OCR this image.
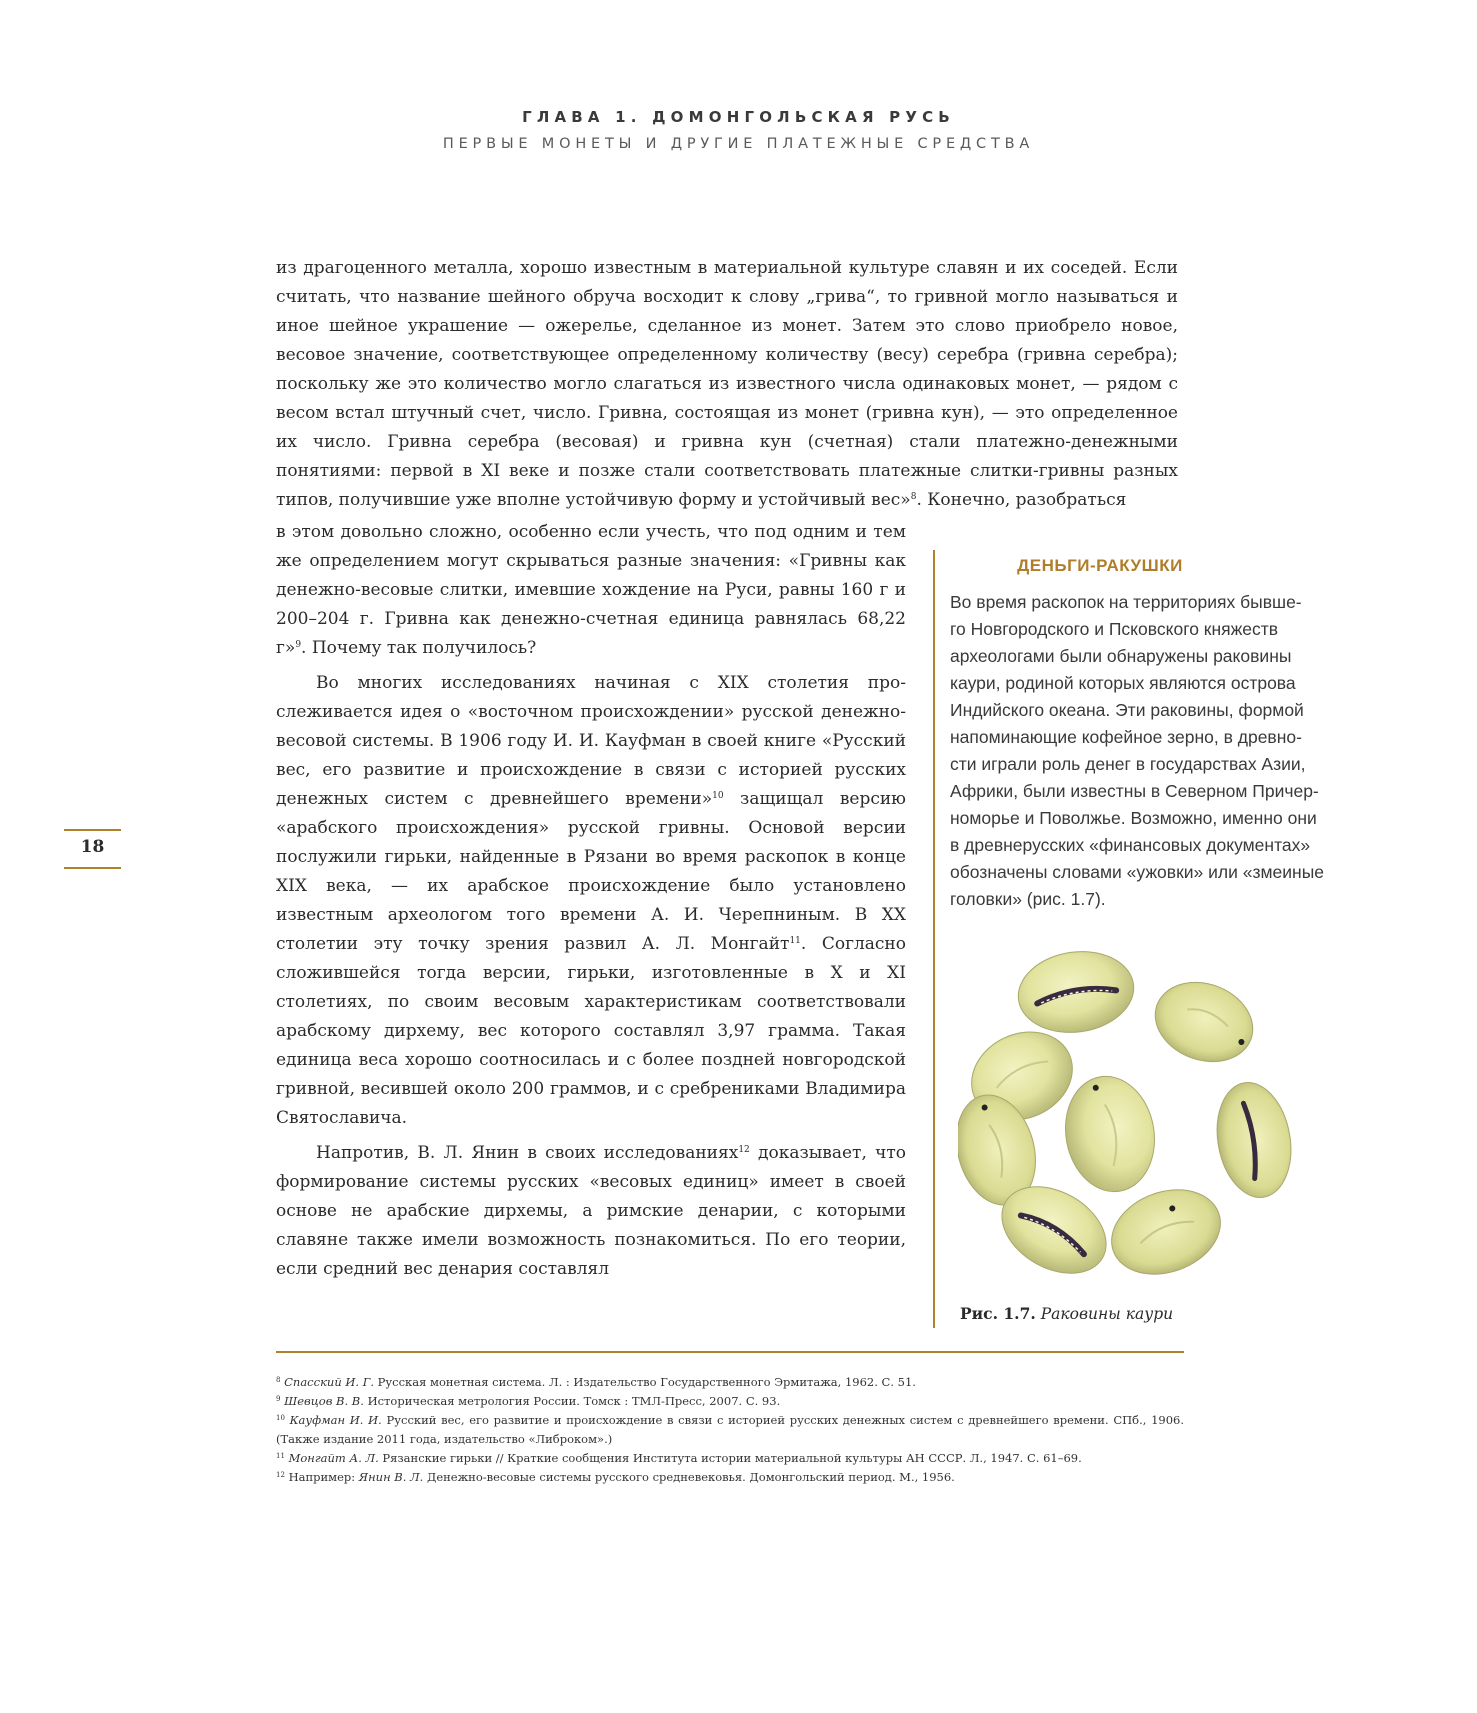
ГЛАВА 1. ДОМОНГОЛЬСКАЯ РУСЬ
ПЕРВЫЕ МОНЕТЫ И ДРУГИЕ ПЛАТЕЖНЫЕ СРЕДСТВА

из драгоценного металла, хорошо известным в материальной культуре славян и их соседей. Если считать, что название шейного обруча восходит к слову „грива“, то гривной могло называться и иное шейное украшение — ожерелье, сделанное из монет. Затем это слово приобрело новое, весовое значение, соответствующее определенному количеству (весу) серебра (гривна серебра); поскольку же это количество могло слагаться из известного числа одинаковых монет, — рядом с весом встал штучный счет, число. Гривна, состоящая из монет (гривна кун), — это определенное их число. Гривна серебра (весовая) и гривна кун (счетная) стали платежно-денежными понятиями: первой в XI веке и позже стали соответствовать платежные слитки-гривны разных типов, получившие уже вполне устойчивую форму и устойчивый вес»$^8$. Конечно, разобраться

в этом довольно сложно, особенно если учесть, что под одним и тем же определением могут скрываться разные значения: «Гривны как денежно-весовые слитки, имевшие хождение на Руси, равны 160 г и 200–204 г. Гривна как денежно-счетная единица равнялась 68,22 г»$^9$. Почему так получилось?

Во многих исследованиях начиная с XIX столетия прослеживается идея о «восточном происхождении» русской денежно-весовой системы. В 1906 году И. И. Кауфман в своей книге «Русский вес, его развитие и происхождение в связи с историей русских денежных систем с древнейшего времени»$^{10}$ защищал версию «арабского происхождения» русской гривны. Основой версии послужили гирьки, найденные в Рязани во время раскопок в конце XIX века, — их арабское происхождение было установлено известным археологом того времени А. И. Черепниным. В XX столетии эту точку зрения развил А. Л. Монгайт$^{11}$. Согласно сложившейся тогда версии, гирьки, изготовленные в X и XI столетиях, по своим весовым характеристикам соответствовали арабскому дирхему, вес которого составлял 3,97 грамма. Такая единица веса хорошо соотносилась и с более поздней новгородской гривной, весившей около 200 граммов, и с сребрениками Владимира Святославича.

Напротив, В. Л. Янин в своих исследованиях$^{12}$ доказывает, что формирование системы русских «весовых единиц» имеет в своей основе не арабские дирхемы, а римские денарии, с которыми славяне также имели возможность познакомиться. По его теории, если средний вес денария составлял

ДЕНЬГИ-РАКУШКИ
Во время раскопок на территориях бывше-
го Новгородского и Псковского княжеств
археологами были обнаружены раковины
каури, родиной которых являются острова
Индийского океана. Эти раковины, формой
напоминающие кофейное зерно, в древно-
сти играли роль денег в государствах Азии,
Африки, были известны в Северном Причер-
номорье и Поволжье. Возможно, именно они
в древнерусских «финансовых документах»
обозначены словами «ужовки» или «змеиные
головки» (рис. 1.7).
Рис. 1.7. Раковины каури
18

$^8$ Спасский И. Г. Русская монетная система. Л. : Издательство Государственного Эрмитажа, 1962. С. 51.

$^9$ Шевцов В. В. Историческая метрология России. Томск : ТМЛ-Пресс, 2007. С. 93.

$^{10}$ Кауфман И. И. Русский вес, его развитие и происхождение в связи с историей русских денежных систем с древнейшего времени. СПб., 1906. (Также издание 2011 года, издательство «Либроком».)

$^{11}$ Монгайт А. Л. Рязанские гирьки // Краткие сообщения Института истории материальной культуры АН СССР. Л., 1947. С. 61–69.

$^{12}$ Например: Янин В. Л. Денежно-весовые системы русского средневековья. Домонгольский период. М., 1956.
